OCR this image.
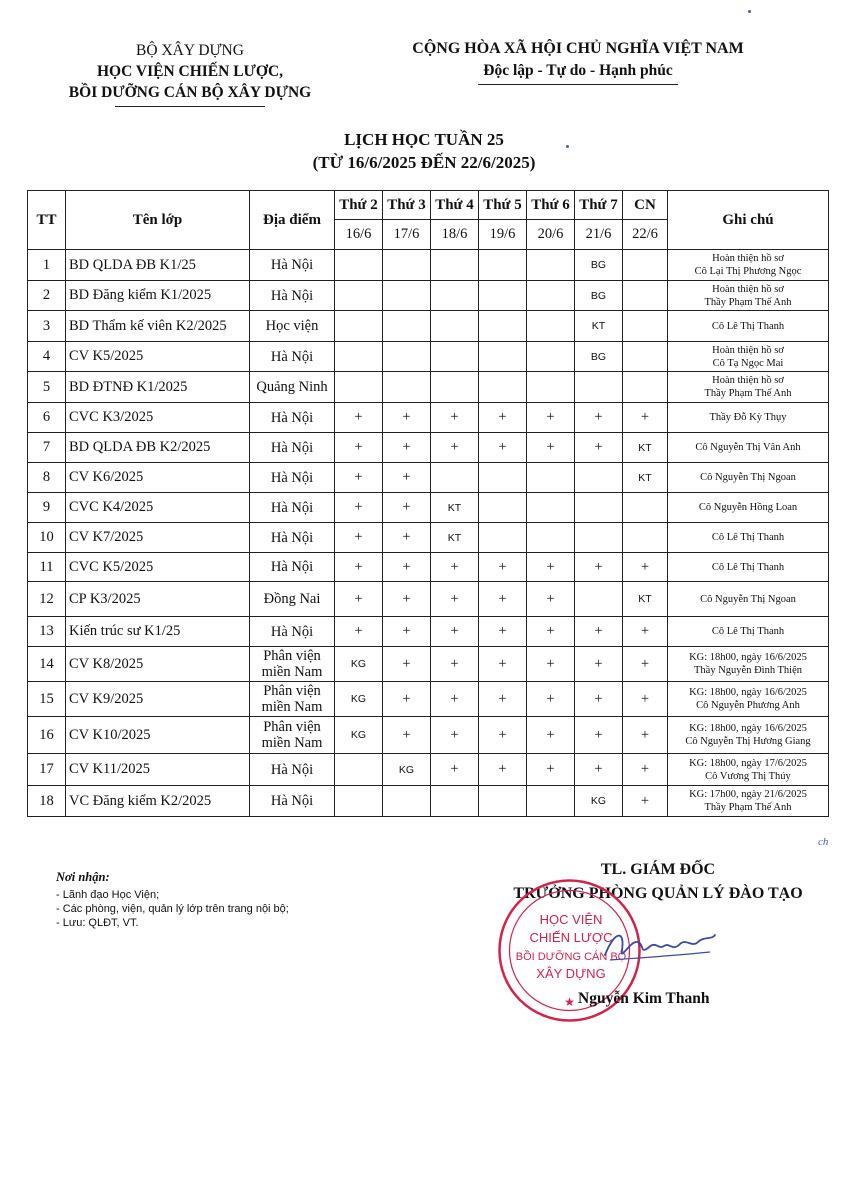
BỘ XÂY DỰNG
HỌC VIỆN CHIẾN LƯỢC,
BỒI DƯỠNG CÁN BỘ XÂY DỰNG
CỘNG HÒA XÃ HỘI CHỦ NGHĨA VIỆT NAM
Độc lập - Tự do - Hạnh phúc
LỊCH HỌC TUẦN 25
(TỪ 16/6/2025 ĐẾN 22/6/2025)
TT	Tên lớp	Địa điểm	Thứ 2	Thứ 3	Thứ 4	Thứ 5	Thứ 6	Thứ 7	CN	Ghi chú
			16/6	17/6	18/6	19/6	20/6	21/6	22/6	
1	BD QLDA ĐB K1/25	Hà Nội						BG		Hoàn thiện hồ sơ
Cô Lại Thị Phương Ngọc

2	BD Đăng kiểm K1/2025	Hà Nội						BG		Hoàn thiện hồ sơ
Thầy Phạm Thế Anh

3	BD Thẩm kế viên K2/2025	Học viện						KT		Cô Lê Thị Thanh

4	CV K5/2025	Hà Nội						BG		Hoàn thiện hồ sơ
Cô Tạ Ngọc Mai

5	BD ĐTNĐ K1/2025	Quảng Ninh								Hoàn thiện hồ sơ
Thầy Phạm Thế Anh

6	CVC K3/2025	Hà Nội	+	+	+	+	+	+	+	Thầy Đỗ Kỳ Thụy

7	BD QLDA ĐB K2/2025	Hà Nội	+	+	+	+	+	+	KT	Cô Nguyễn Thị Vân Anh

8	CV K6/2025	Hà Nội	+	+					KT	Cô Nguyễn Thị Ngoan

9	CVC K4/2025	Hà Nội	+	+	KT					Cô Nguyễn Hồng Loan

10	CV K7/2025	Hà Nội	+	+	KT					Cô Lê Thị Thanh

11	CVC K5/2025	Hà Nội	+	+	+	+	+	+	+	Cô Lê Thị Thanh

12	CP K3/2025	Đồng Nai	+	+	+	+	+		KT	Cô Nguyễn Thị Ngoan

13	Kiến trúc sư K1/25	Hà Nội	+	+	+	+	+	+	+	Cô Lê Thị Thanh

14	CV K8/2025	Phân viện miền Nam	KG	+	+	+	+	+	+	KG: 18h00, ngày 16/6/2025
Thầy Nguyễn Đình Thiện

15	CV K9/2025	Phân viện miền Nam	KG	+	+	+	+	+	+	KG: 18h00, ngày 16/6/2025
Cô Nguyễn Phương Anh

16	CV K10/2025	Phân viện miền Nam	KG	+	+	+	+	+	+	KG: 18h00, ngày 16/6/2025
Cô Nguyễn Thị Hương Giang

17	CV K11/2025	Hà Nội		KG	+	+	+	+	+	KG: 18h00, ngày 17/6/2025
Cô Vương Thị Thúy

18	VC Đăng kiểm K2/2025	Hà Nội						KG	+	KG: 17h00, ngày 21/6/2025
Thầy Phạm Thế Anh
Nơi nhận:
- Lãnh đạo Học Viện;
- Các phòng, viện, quản lý lớp trên trang nội bộ;
- Lưu: QLĐT, VT.
TL. GIÁM ĐỐC
TRƯỞNG PHÒNG QUẢN LÝ ĐÀO TẠO
HỌC VIỆN
CHIẾN LƯỢC
BỒI DƯỠNG CÁN BỘ
XÂY DỰNG
★ Nguyễn Kim Thanh
ch
